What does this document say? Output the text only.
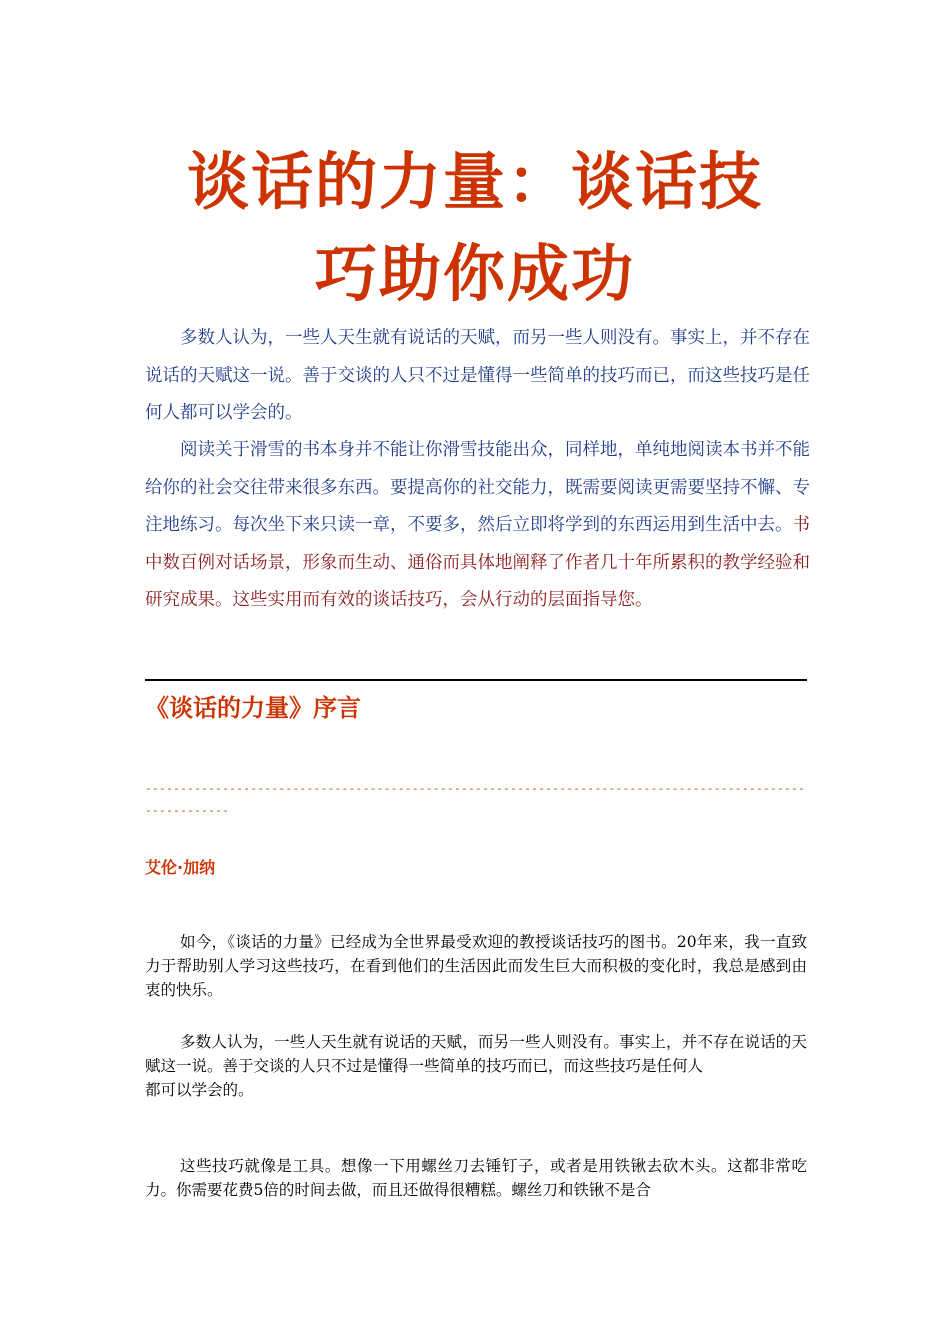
谈话的力量：谈话技
巧助你成功
多数人认为，一些人天生就有说话的天赋，而另一些人则没有。事实上，并不存在说话的天赋这一说。善于交谈的人只不过是懂得一些简单的技巧而已，而这些技巧是任何人都可以学会的。
阅读关于滑雪的书本身并不能让你滑雪技能出众，同样地，单纯地阅读本书并不能给你的社会交往带来很多东西。要提高你的社交能力，既需要阅读更需要坚持不懈、专注地练习。每次坐下来只读一章，不要多，然后立即将学到的东西运用到生活中去。书中数百例对话场景，形象而生动、通俗而具体地阐释了作者几十年所累积的教学经验和研究成果。这些实用而有效的谈话技巧，会从行动的层面指导您。
《谈话的力量》序言
----------------------------------------------------------------------------------------------------------
艾伦·加纳
如今，《谈话的力量》已经成为全世界最受欢迎的教授谈话技巧的图书。20年来，我一直致力于帮助别人学习这些技巧，在看到他们的生活因此而发生巨大而积极的变化时，我总是感到由衷的快乐。
多数人认为，一些人天生就有说话的天赋，而另一些人则没有。事实上，并不存在说话的天赋这一说。善于交谈的人只不过是懂得一些简单的技巧而已，而这些技巧是任何人
都可以学会的。
这些技巧就像是工具。想像一下用螺丝刀去锤钉子，或者是用铁锹去砍木头。这都非常吃力。你需要花费5倍的时间去做，而且还做得很糟糕。螺丝刀和铁锹不是合
